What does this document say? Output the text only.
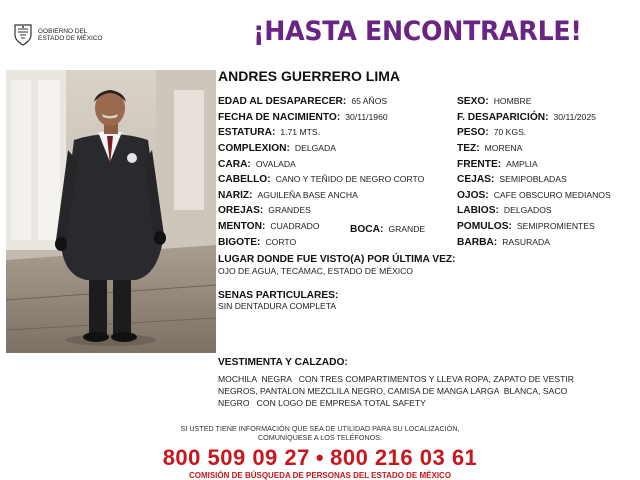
GOBIERNO DEL
ESTADO DE MÉXICO	¡HASTA ENCONTRARLE!
ANDRES GUERRERO LIMA
EDAD AL DESAPARECER: 65 AÑOS
FECHA DE NACIMIENTO: 30/11/1960
ESTATURA: 1.71 MTS.
COMPLEXION: DELGADA
CARA: OVALADA
CABELLO: CANO Y TEÑIDO DE NEGRO CORTO
NARIZ: AGUILEÑA BASE ANCHA
OREJAS: GRANDES
MENTON: CUADRADO
BIGOTE: CORTO
BOCA: GRANDE
SEXO: HOMBRE
F. DESAPARICIÓN: 30/11/2025
PESO: 70 KGS.
TEZ: MORENA
FRENTE: AMPLIA
CEJAS: SEMIPOBLADAS
OJOS: CAFE OBSCURO MEDIANOS
LABIOS: DELGADOS
POMULOS: SEMIPROMIENTES
BARBA: RASURADA
LUGAR DONDE FUE VISTO(A) POR ÚLTIMA VEZ:
OJO DE AGUA, TECÁMAC, ESTADO DE MÉXICO
SENAS PARTICULARES:
SIN DENTADURA COMPLETA
VESTIMENTA Y CALZADO:
MOCHILA  NEGRA   CON TRES COMPARTIMENTOS Y LLEVA ROPA, ZAPATO DE VESTIR
NEGROS, PANTALON MEZCLILA NEGRO, CAMISA DE MANGA LARGA  BLANCA, SACO
NEGRO   CON LOGO DE EMPRESA TOTAL SAFETY
SI USTED TIENE INFORMACIÓN QUE SEA DE UTILIDAD PARA SU LOCALIZACIÓN,
COMUNÍQUESE A LOS TELÉFONOS:
800 509 09 27 • 800 216 03 61
COMISIÓN DE BÚSQUEDA DE PERSONAS DEL ESTADO DE MÉXICO
